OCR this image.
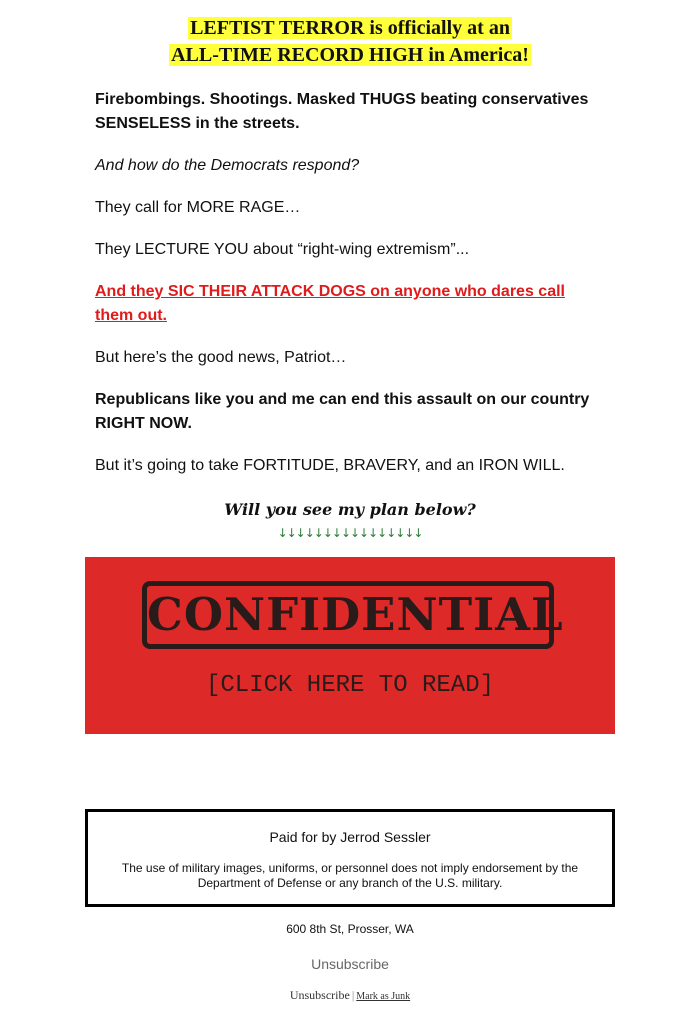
LEFTIST TERROR is officially at an
ALL-TIME RECORD HIGH in America!

Firebombings. Shootings. Masked THUGS beating conservatives SENSELESS in the streets.

And how do the Democrats respond?

They call for MORE RAGE…

They LECTURE YOU about “right-wing extremism”...

And they SIC THEIR ATTACK DOGS on anyone who dares call them out.

But here’s the good news, Patriot…

Republicans like you and me can end this assault on our country RIGHT NOW.

But it’s going to take FORTITUDE, BRAVERY, and an IRON WILL.

Will you see my plan below?
↓↓↓↓↓↓↓↓↓↓↓↓↓↓↓↓
CONFIDENTIAL
[CLICK HERE TO READ]
Paid for by Jerrod Sessler
The use of military images, uniforms, or personnel does not imply endorsement by the Department of Defense or any branch of the U.S. military.
600 8th St, Prosser, WA
Unsubscribe
Unsubscribe | Mark as Junk
